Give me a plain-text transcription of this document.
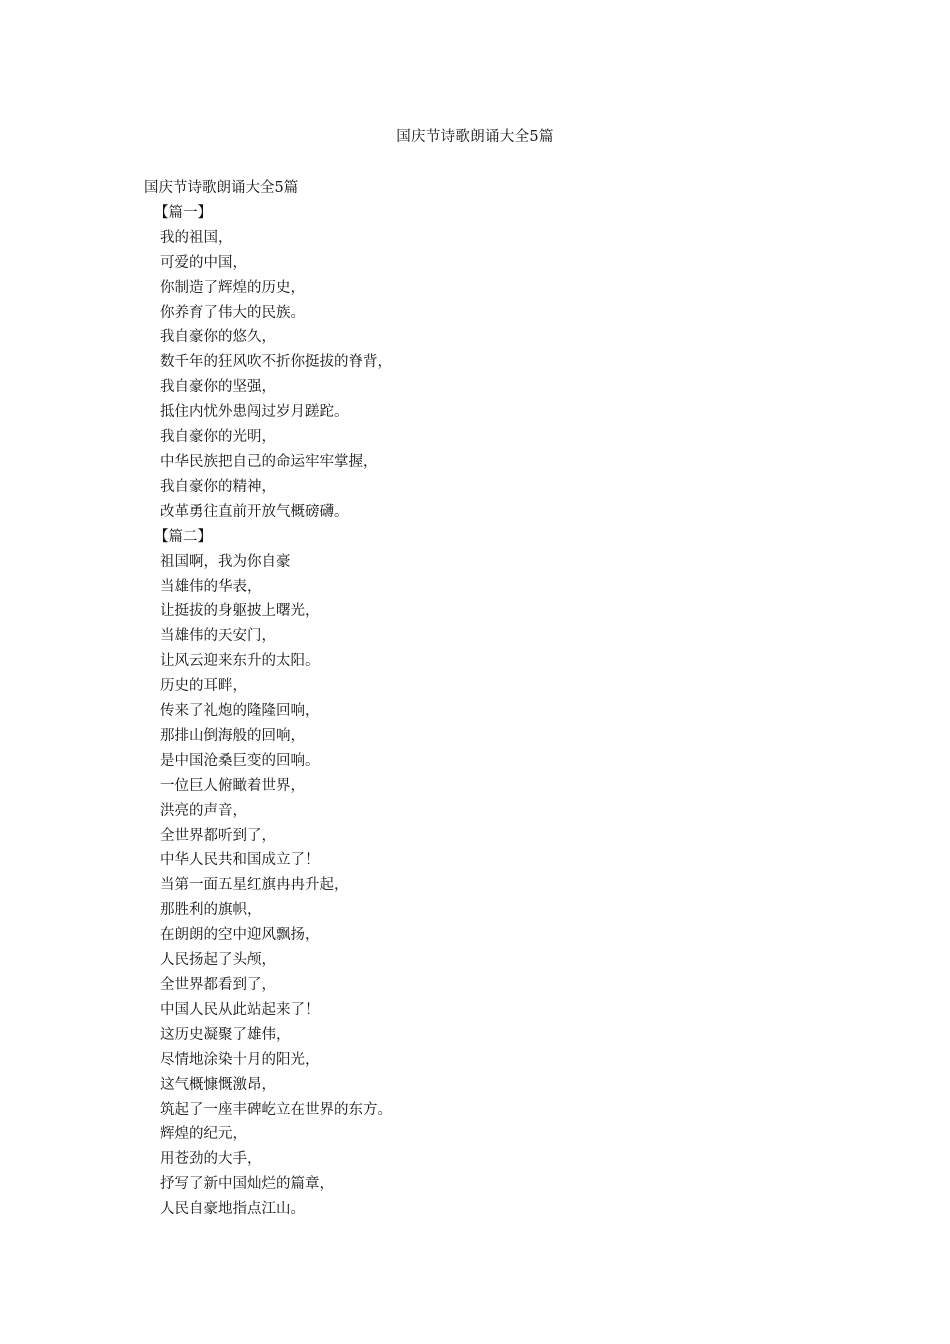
国庆节诗歌朗诵大全5篇

国庆节诗歌朗诵大全5篇

【篇一】

我的祖国，

可爱的中国，

你制造了辉煌的历史，

你养育了伟大的民族。

我自豪你的悠久，

数千年的狂风吹不折你挺拔的脊背，

我自豪你的坚强，

抵住内忧外患闯过岁月蹉跎。

我自豪你的光明，

中华民族把自己的命运牢牢掌握，

我自豪你的精神，

改革勇往直前开放气概磅礴。

【篇二】

祖国啊，我为你自豪

当雄伟的华表，

让挺拔的身躯披上曙光，

当雄伟的天安门，

让风云迎来东升的太阳。

历史的耳畔，

传来了礼炮的隆隆回响，

那排山倒海般的回响，

是中国沧桑巨变的回响。

一位巨人俯瞰着世界，

洪亮的声音，

全世界都听到了，

中华人民共和国成立了！

当第一面五星红旗冉冉升起，

那胜利的旗帜，

在朗朗的空中迎风飘扬，

人民扬起了头颅，

全世界都看到了，

中国人民从此站起来了！

这历史凝聚了雄伟，

尽情地涂染十月的阳光，

这气概慷慨激昂，

筑起了一座丰碑屹立在世界的东方。

辉煌的纪元，

用苍劲的大手，

抒写了新中国灿烂的篇章，

人民自豪地指点江山。
